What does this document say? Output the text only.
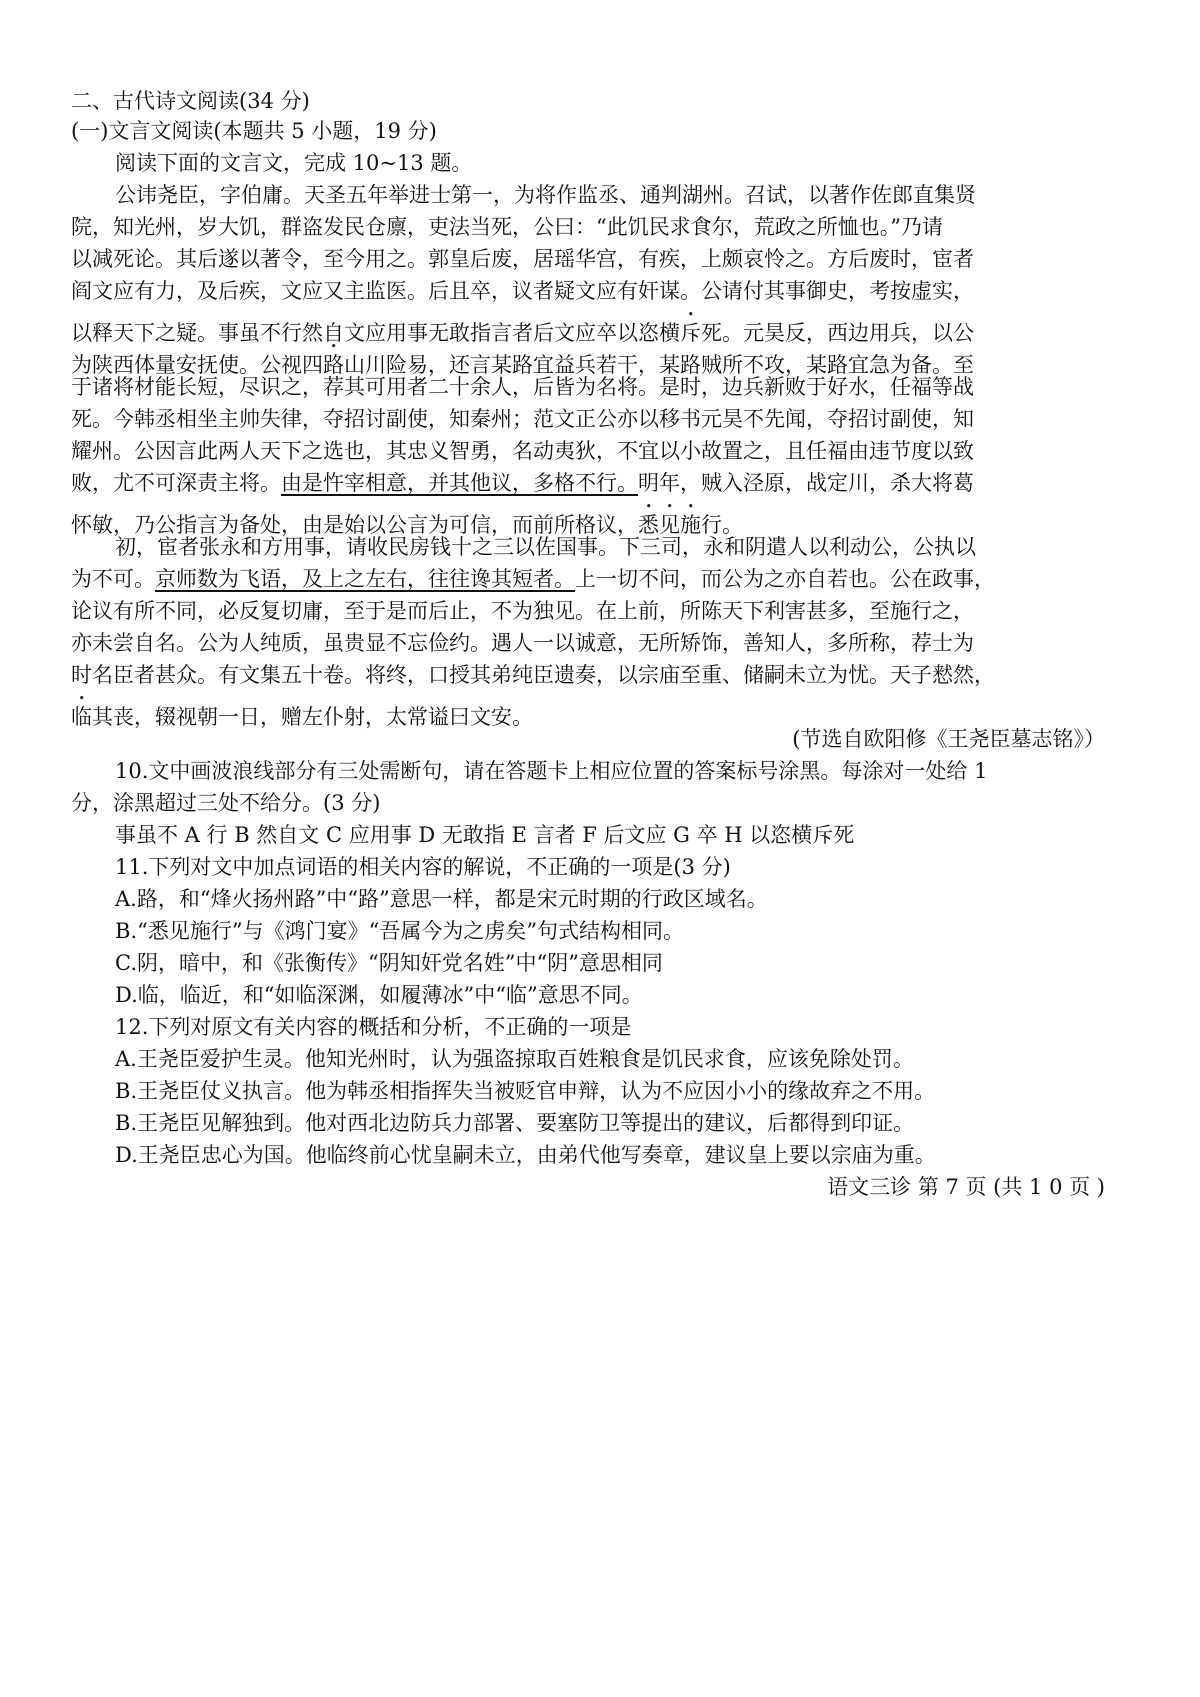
二、古代诗文阅读(34 分)
(一)文言文阅读(本题共 5 小题，19 分)
阅读下面的文言文，完成 10~13 题。
公讳尧臣，字伯庸。天圣五年举进士第一，为将作监丞、通判湖州。召试，以著作佐郎直集贤
院，知光州，岁大饥，群盗发民仓廪，吏法当死，公曰：“此饥民求食尔，荒政之所恤也。”乃请
以减死论。其后遂以著令，至今用之。郭皇后废，居瑶华宫，有疾，上颇哀怜之。方后废时，宦者
阎文应有力，及后疾，文应又主监医。后且卒，议者疑文应有奸谋。公请付其事御史，考按虚实，
以释天下之疑。事虽不行然自文应用事无敢指言者后文应卒以恣横斥死。元昊反，西边用兵，以公
为陕西体量安抚使。公视四路山川险易，还言某路宜益兵若干，某路贼所不攻，某路宜急为备。至
于诸将材能长短，尽识之，荐其可用者二十余人，后皆为名将。是时，边兵新败于好水，任福等战
死。今韩丞相坐主帅失律，夺招讨副使，知秦州；范文正公亦以移书元昊不先闻，夺招讨副使，知
耀州。公因言此两人天下之选也，其忠义智勇，名动夷狄，不宜以小故置之，且任福由违节度以致
败，尤不可深责主将。由是忤宰相意，并其他议，多格不行。明年，贼入泾原，战定川，杀大将葛
怀敏，乃公指言为备处，由是始以公言为可信，而前所格议，悉见施行。
初，宦者张永和方用事，请收民房钱十之三以佐国事。下三司，永和阴遣人以利动公，公执以
为不可。京师数为飞语，及上之左右，往往谗其短者。上一切不问，而公为之亦自若也。公在政事，
论议有所不同，必反复切庸，至于是而后止，不为独见。在上前，所陈天下利害甚多，至施行之，
亦未尝自名。公为人纯质，虽贵显不忘俭约。遇人一以诚意，无所矫饰，善知人，多所称，荐士为
时名臣者甚众。有文集五十卷。将终，口授其弟纯臣遗奏，以宗庙至重、储嗣未立为忧。天子慭然，
临其丧，辍视朝一日，赠左仆射，太常谥曰文安。
(节选自欧阳修《王尧臣墓志铭》）
10.文中画波浪线部分有三处需断句，请在答题卡上相应位置的答案标号涂黑。每涂对一处给 1
分，涂黑超过三处不给分。(3 分)
事虽不 A 行 B 然自文 C 应用事 D 无敢指 E 言者 F 后文应 G 卒 H 以恣横斥死
11.下列对文中加点词语的相关内容的解说，不正确的一项是(3 分)
A.路，和“烽火扬州路”中“路”意思一样，都是宋元时期的行政区域名。
B.“悉见施行”与《鸿门宴》“吾属今为之虏矣”句式结构相同。
C.阴，暗中，和《张衡传》“阴知奸党名姓”中“阴”意思相同
D.临，临近，和“如临深渊，如履薄冰”中“临”意思不同。
12.下列对原文有关内容的概括和分析，不正确的一项是
A.王尧臣爱护生灵。他知光州时，认为强盗掠取百姓粮食是饥民求食，应该免除处罚。
B.王尧臣仗义执言。他为韩丞相指挥失当被贬官申辩，认为不应因小小的缘故弃之不用。
B.王尧臣见解独到。他对西北边防兵力部署、要塞防卫等提出的建议，后都得到印证。
D.王尧臣忠心为国。他临终前心忧皇嗣未立，由弟代他写奏章，建议皇上要以宗庙为重。
语文三诊 第 7 页 (共 1 0 页 )
